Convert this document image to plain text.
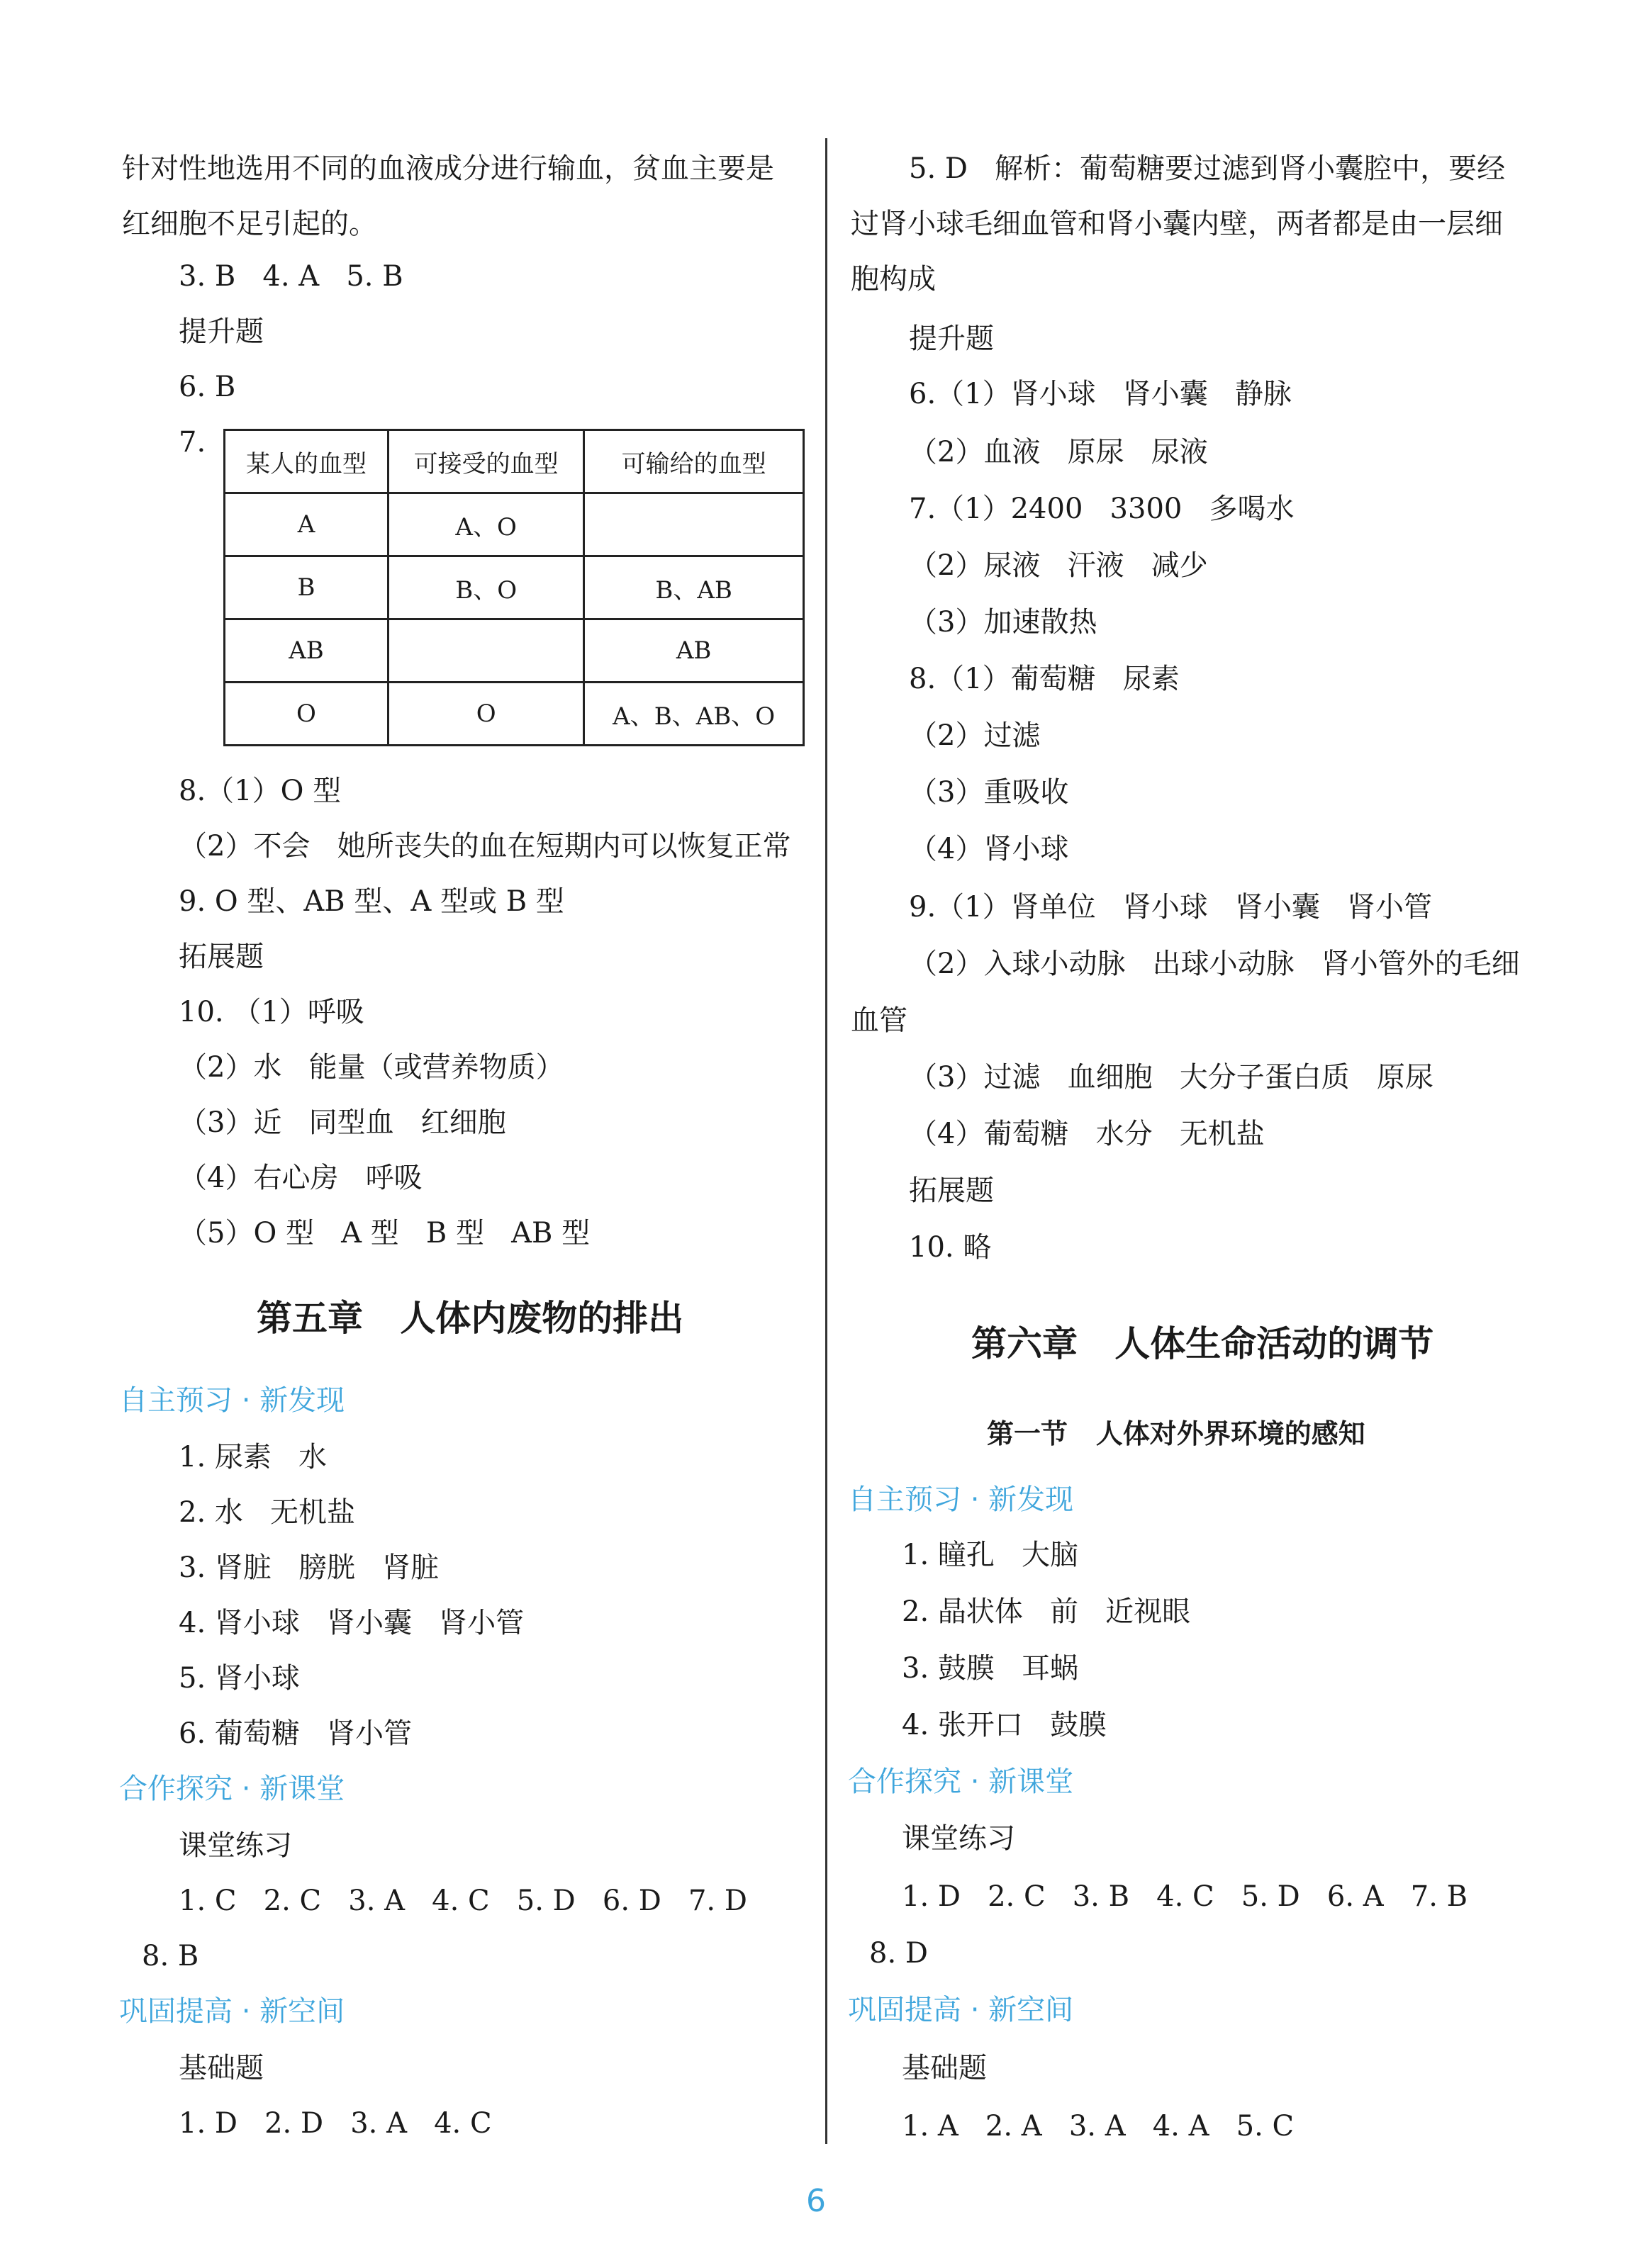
针对性地选用不同的血液成分进行输血，贫血主要是
红细胞不足引起的。
3. B   4. A   5. B
提升题
6. B
7.
某人的血型	可接受的血型	可输给的血型
A	A、O	
B	B、O	B、AB
AB		AB
O	O	A、B、AB、O
8.（1）O 型
（2）不会   她所丧失的血在短期内可以恢复正常
9. O 型、AB 型、A 型或 B 型
拓展题
10. （1）呼吸
（2）水   能量（或营养物质）
（3）近   同型血   红细胞
（4）右心房   呼吸
（5）O 型   A 型   B 型   AB 型
第五章   人体内废物的排出
自主预习 · 新发现
1. 尿素   水
2. 水   无机盐
3. 肾脏   膀胱   肾脏
4. 肾小球   肾小囊   肾小管
5. 肾小球
6. 葡萄糖   肾小管
合作探究 · 新课堂
课堂练习
1. C   2. C   3. A   4. C   5. D   6. D   7. D
8. B
巩固提高 · 新空间
基础题
1. D   2. D   3. A   4. C
5. D   解析：葡萄糖要过滤到肾小囊腔中，要经
过肾小球毛细血管和肾小囊内壁，两者都是由一层细
胞构成
提升题
6.（1）肾小球   肾小囊   静脉
（2）血液   原尿   尿液
7.（1）2400   3300   多喝水
（2）尿液   汗液   减少
（3）加速散热
8.（1）葡萄糖   尿素
（2）过滤
（3）重吸收
（4）肾小球
9.（1）肾单位   肾小球   肾小囊   肾小管
（2）入球小动脉   出球小动脉   肾小管外的毛细
血管
（3）过滤   血细胞   大分子蛋白质   原尿
（4）葡萄糖   水分   无机盐
拓展题
10. 略
第六章   人体生命活动的调节
第一节   人体对外界环境的感知
自主预习 · 新发现
1. 瞳孔   大脑
2. 晶状体   前   近视眼
3. 鼓膜   耳蜗
4. 张开口   鼓膜
合作探究 · 新课堂
课堂练习
1. D   2. C   3. B   4. C   5. D   6. A   7. B
8. D
巩固提高 · 新空间
基础题
1. A   2. A   3. A   4. A   5. C
6
